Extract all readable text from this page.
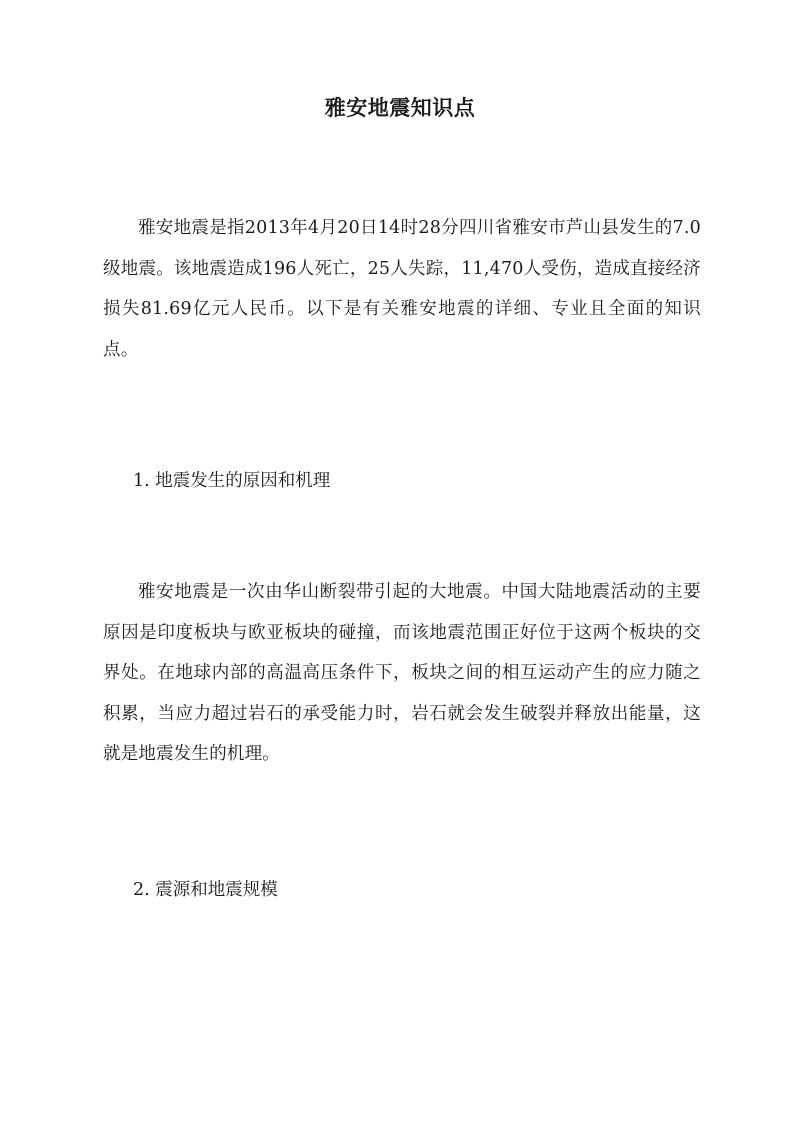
雅安地震知识点

雅安地震是指2013年4月20日14时28分四川省雅安市芦山县发生的7.0级地震。该地震造成196人死亡，25人失踪，11,470人受伤，造成直接经济损失81.69亿元人民币。以下是有关雅安地震的详细、专业且全面的知识点。

1. 地震发生的原因和机理

雅安地震是一次由华山断裂带引起的大地震。中国大陆地震活动的主要原因是印度板块与欧亚板块的碰撞，而该地震范围正好位于这两个板块的交界处。在地球内部的高温高压条件下，板块之间的相互运动产生的应力随之积累，当应力超过岩石的承受能力时，岩石就会发生破裂并释放出能量，这就是地震发生的机理。

2. 震源和地震规模
